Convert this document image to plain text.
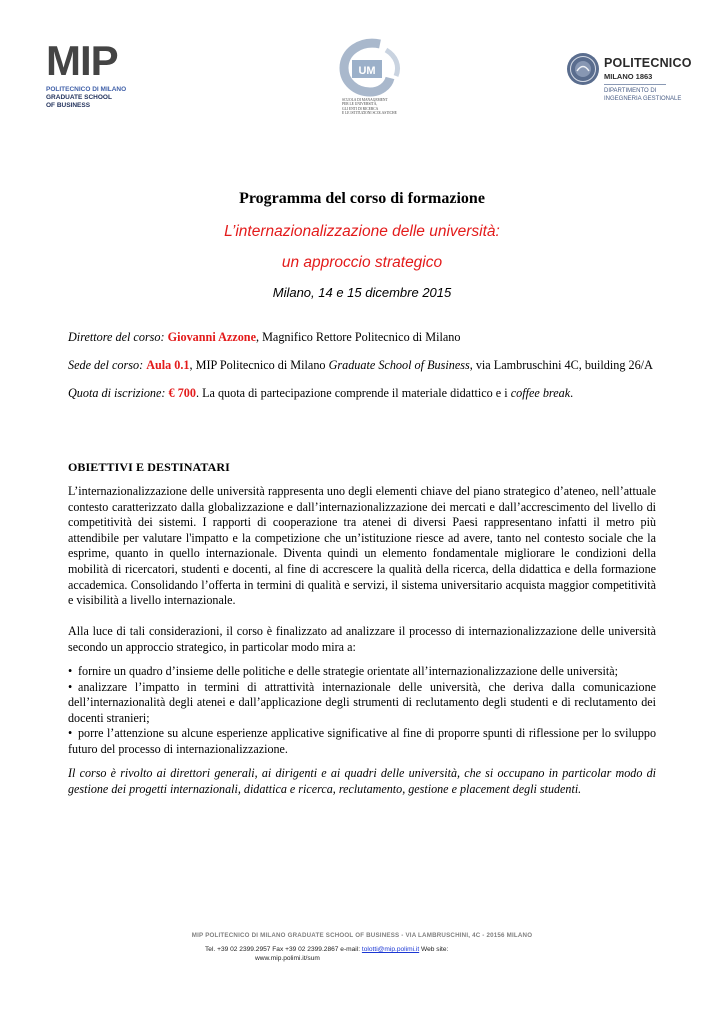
MIP
POLITECNICO DI MILANO
GRADUATE SCHOOL
OF BUSINESS
UM
SCUOLA DI MANAGEMENT
PER LE UNIVERSITÀ,
GLI ENTI DI RICERCA
E LE ISTITUZIONI SCOLASTICHE
POLITECNICO
MILANO 1863
DIPARTIMENTO DI
INGEGNERIA GESTIONALE
Programma del corso di formazione
L’internazionalizzazione delle università:
un approccio strategico
Milano, 14 e 15 dicembre 2015
Direttore del corso: Giovanni Azzone, Magnifico Rettore Politecnico di Milano
Sede del corso: Aula 0.1, MIP Politecnico di Milano Graduate School of Business, via Lambruschini 4C, building 26/A
Quota di iscrizione: € 700. La quota di partecipazione comprende il materiale didattico e i coffee break.
OBIETTIVI E DESTINATARI
L’internazionalizzazione delle università rappresenta uno degli elementi chiave del piano strategico d’ateneo, nell’attuale contesto caratterizzato dalla globalizzazione e dall’internazionalizzazione dei mercati e dall’accrescimento del livello di competitività dei sistemi. I rapporti di cooperazione tra atenei di diversi Paesi rappresentano infatti il metro più attendibile per valutare l'impatto e la competizione che un’istituzione riesce ad avere, tanto nel contesto sociale che la esprime, quanto in quello internazionale. Diventa quindi un elemento fondamentale migliorare le condizioni della mobilità di ricercatori, studenti e docenti, al fine di accrescere la qualità della ricerca, della didattica e della formazione accademica. Consolidando l’offerta in termini di qualità e servizi, il sistema universitario acquista maggior competitività e visibilità a livello internazionale.
Alla luce di tali considerazioni, il corso è finalizzato ad analizzare il processo di internazionalizzazione delle università secondo un approccio strategico, in particolar modo mira a:
• fornire un quadro d’insieme delle politiche e delle strategie orientate all’internazionalizzazione delle università;
• analizzare l’impatto in termini di attrattività internazionale delle università, che deriva dalla comunicazione dell’internazionalità degli atenei e dall’applicazione degli strumenti di reclutamento degli studenti e di reclutamento dei docenti stranieri;
• porre l’attenzione su alcune esperienze applicative significative al fine di proporre spunti di riflessione per lo sviluppo futuro del processo di internazionalizzazione.
Il corso è rivolto ai direttori generali, ai dirigenti e ai quadri delle università, che si occupano in particolar modo di gestione dei progetti internazionali, didattica e ricerca, reclutamento, gestione e placement degli studenti.
MIP POLITECNICO DI MILANO GRADUATE SCHOOL OF BUSINESS - VIA LAMBRUSCHINI, 4C - 20156 MILANO
Tel. +39 02 2399.2957 Fax +39 02 2399.2867 e-mail: tolotti@mip.polimi.it Web site:
www.mip.polimi.it/sum
